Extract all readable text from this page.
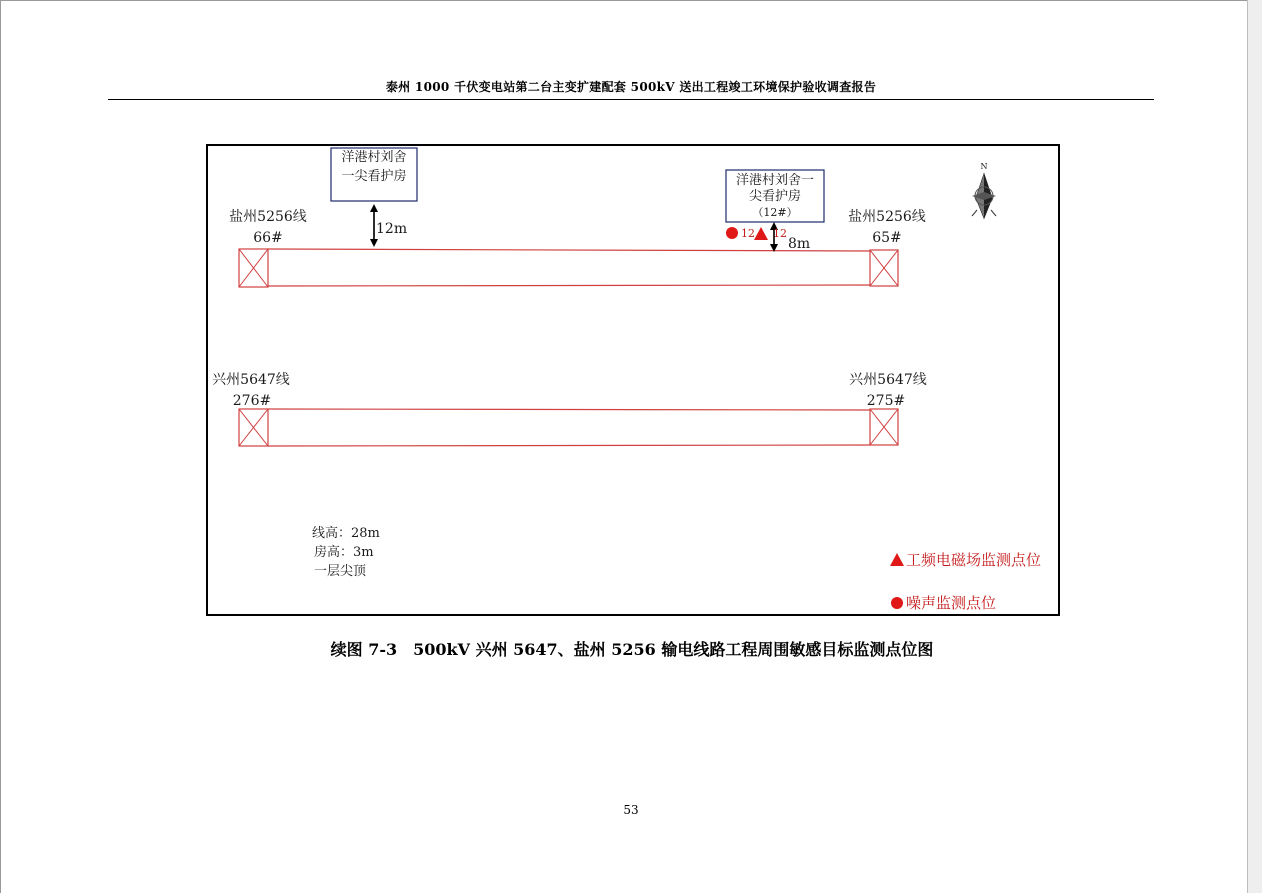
泰州 1000 千伏变电站第二台主变扩建配套 500kV 送出工程竣工环境保护验收调查报告
洋港村刘舍
一尖看护房	洋港村刘舍一
尖看护房
（12#）
12m
8m
12 12
盐州5256线
66#
盐州5256线
65#
兴州5647线
276#
兴州5647线
275#
线高：28m
房高：3m
一层尖顶
工频电磁场监测点位
噪声监测点位
N
续图 7-3　500kV 兴州 5647、盐州 5256 输电线路工程周围敏感目标监测点位图
53
